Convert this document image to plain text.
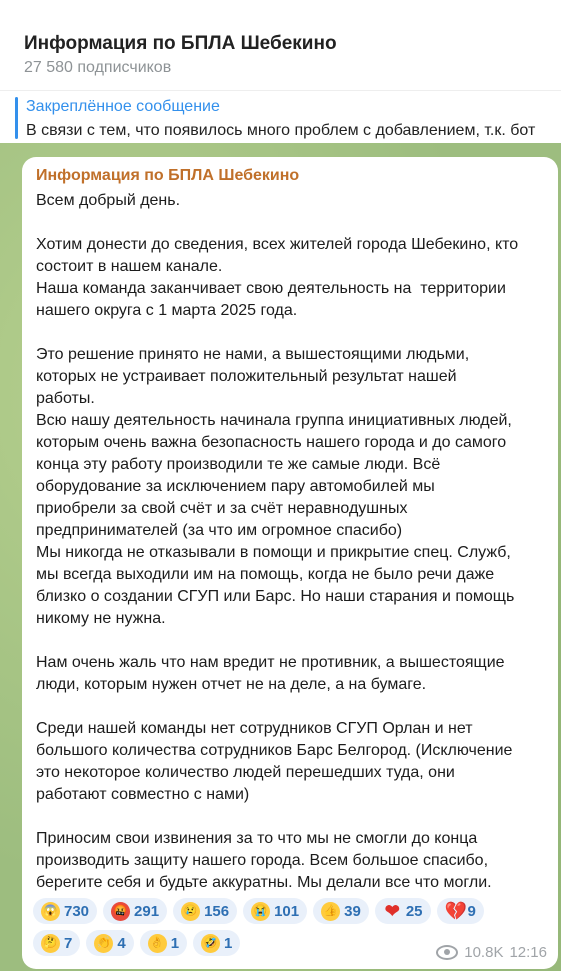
Информация по БПЛА Шебекино
27 580 подписчиков
Закреплённое сообщение
В связи с тем, что появилось много проблем с добавлением, т.к. бот
Информация по БПЛА Шебекино
Всем добрый день.

Хотим донести до сведения, всех жителей города Шебекино, кто
состоит в нашем канале.
Наша команда заканчивает свою деятельность на  территории
нашего округа с 1 марта 2025 года.

Это решение принято не нами, а вышестоящими людьми,
которых не устраивает положительный результат нашей
работы.
Всю нашу деятельность начинала группа инициативных людей,
которым очень важна безопасность нашего города и до самого
конца эту работу производили те же самые люди. Всё
оборудование за исключением пару автомобилей мы
приобрели за свой счёт и за счёт неравнодушных
предпринимателей (за что им огромное спасибо)
Мы никогда не отказывали в помощи и прикрытие спец. Служб,
мы всегда выходили им на помощь, когда не было речи даже
близко о создании СГУП или Барс. Но наши старания и помощь
никому не нужна.

Нам очень жаль что нам вредит не противник, а вышестоящие
люди, которым нужен отчет не на деле, а на бумаге.

Среди нашей команды нет сотрудников СГУП Орлан и нет
большого количества сотрудников Барс Белгород. (Исключение
это некоторое количество людей перешедших туда, они
работают совместно с нами)

Приносим свои извинения за то что мы не смогли до конца
производить защиту нашего города. Всем большое спасибо,
берегите себя и будьте аккуратны. Мы делали все что могли.
😱 730 🤬 291 😢 156 😭 101 👍 39 ❤ 25 💔 9
🤔 7 👏 4 👌 1 🤣 1
10.8K 12:16
